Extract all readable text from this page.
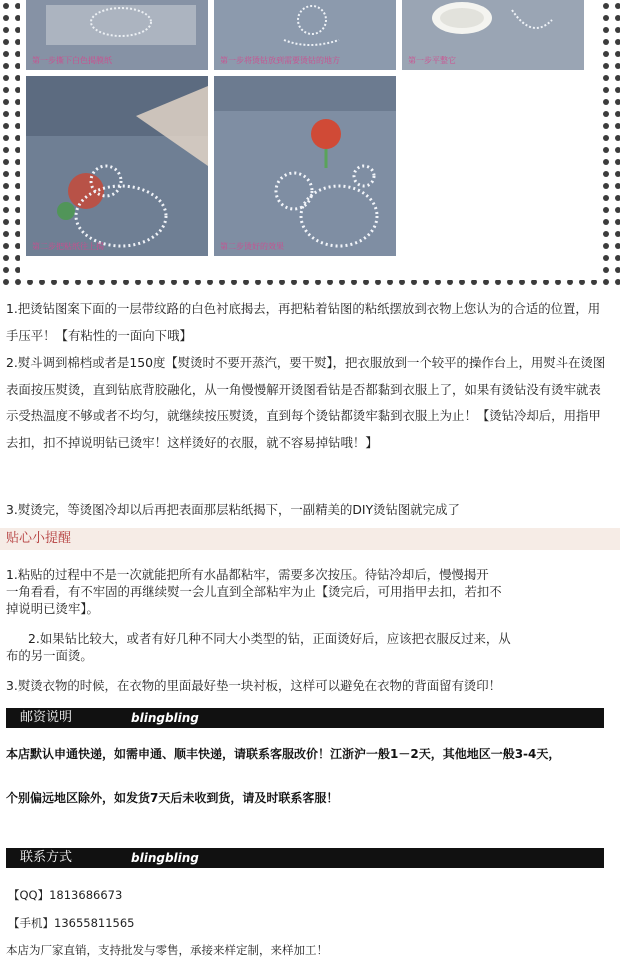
第一步撕下白色揭膜纸	第一步将烫钻放到需要烫钻的地方	第一步平整它
第二步把粘纸往上揭	第二步烫好的效果

1.把烫钻图案下面的一层带纹路的白色衬底揭去，再把粘着钻图的粘纸摆放到衣物上您认为的合适的位置，用手压平！【有粘性的一面向下哦】

2.熨斗调到棉档或者是150度【熨烫时不要开蒸汽，要干熨】，把衣服放到一个较平的操作台上，用熨斗在烫图表面按压熨烫，直到钻底背胶融化，从一角慢慢解开烫图看钻是否都黏到衣服上了，如果有烫钻没有烫牢就表示受热温度不够或者不均匀，就继续按压熨烫，直到每个烫钻都烫牢黏到衣服上为止！【烫钻冷却后，用指甲去扣，扣不掉说明钻已烫牢！这样烫好的衣服，就不容易掉钻哦！】

3.熨烫完，等烫图冷却以后再把表面那层粘纸揭下，一副精美的DIY烫钻图就完成了

贴心小提醒
1.粘贴的过程中不是一次就能把所有水晶都粘牢，需要多次按压。待钻冷却后，慢慢揭开
一角看看，有不牢固的再继续熨一会儿直到全部粘牢为止【烫完后，可用指甲去扣，若扣不
掉说明已烫牢】。
2.如果钻比较大，或者有好几种不同大小类型的钻，正面烫好后，应该把衣服反过来，从
布的另一面烫。
3.熨烫衣物的时候，在衣物的里面最好垫一块衬板，这样可以避免在衣物的背面留有烫印！
邮资说明	blingbling

本店默认申通快递，如需申通、顺丰快递，请联系客服改价！江浙沪一般1－2天，其他地区一般3-4天，

个别偏远地区除外，如发货7天后未收到货，请及时联系客服！

联系方式	blingbling
【QQ】1813686673
【手机】13655811565
本店为厂家直销，支持批发与零售，承接来样定制，来样加工！
